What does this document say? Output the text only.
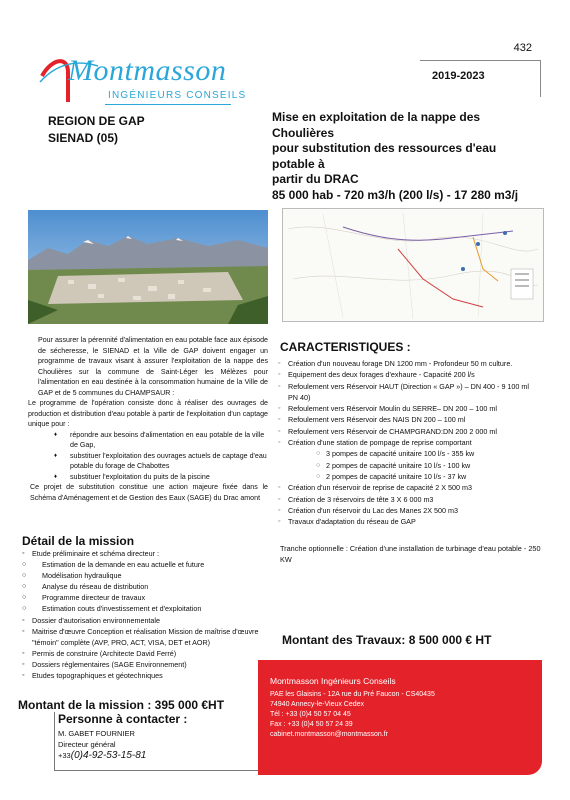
432
Montmasson
INGÉNIEURS CONSEILS
2019-2023
REGION DE GAP
SIENAD (05)
Mise en exploitation de la nappe des Choulières
pour substitution des ressources d'eau potable à
partir du DRAC
85 000 hab - 720 m3/h (200 l/s) - 17 280 m3/j

Pour assurer la pérennité d'alimentation en eau potable face aux épisode de sécheresse, le SIENAD et la Ville de GAP doivent engager un programme de travaux visant à assurer l'exploitation de la nappe des Choulières sur la commune de Saint-Léger les Mélèzes pour l'alimentation en eau destinée à la consommation humaine de la Ville de GAP et de 5 communes du CHAMPSAUR :

Le programme de l'opération consiste donc à réaliser des ouvrages de production et distribution d'eau potable à partir de l'exploitation d'un captage unique pour :

♦ répondre aux besoins d'alimentation en eau potable de la ville de Gap,
♦ substituer l'exploitation des ouvrages actuels de captage d'eau potable du forage de Chabottes
♦ substituer l'exploitation du puits de la piscine

Ce projet de substitution constitue une action majeure fixée dans le Schéma d'Aménagement et de Gestion des Eaux (SAGE) du Drac amont

Détail de la mission
◦ Etude préliminaire et schéma directeur :
○ Estimation de la demande en eau actuelle et future
○ Modélisation hydraulique
○ Analyse du réseau de distribution
○ Programme directeur de travaux
○ Estimation couts d'investissement et d'exploitation
◦ Dossier d'autorisation environnementale
◦ Maitrise d'œuvre Conception et réalisation Mission de maîtrise d'œuvre "témoin" complète (AVP, PRO, ACT, VISA, DET et AOR)
◦ Permis de construire (Architecte David Ferré)
◦ Dossiers réglementaires (SAGE Environnement)
◦ Etudes topographiques et géotechniques
Montant de la mission : 395 000 €HT
Personne à contacter :
M. GABET FOURNIER
Directeur général
+33(0)4-92-53-15-81
CARACTERISTIQUES :
◦ Création d'un nouveau forage DN 1200 mm - Profondeur 50 m culture.
◦ Equipement des deux forages d'exhaure - Capacité 200 l/s
◦ Refoulement vers Réservoir HAUT (Direction « GAP ») – DN 400 - 9 100 ml PN 40)
◦ Refoulement vers Réservoir Moulin du SERRE– DN 200 – 100 ml
◦ Refoulement vers Réservoir des NAIS DN 200 – 100 ml
◦ Refoulement vers Réservoir de CHAMPGRAND:DN 200 2 000 ml
◦ Création d'une station de pompage de reprise comportant
○ 3 pompes de capacité unitaire 100 l/s - 355 kw
○ 2 pompes de capacité unitaire 10 l/s - 100 kw
○ 2 pompes de capacité unitaire 10 l/s - 37 kw
◦ Création d'un réservoir de reprise de capacité 2 X 500 m3
◦ Création de 3 réservoirs de tête 3 X 6 000 m3
◦ Création d'un réservoir du Lac des Manes 2X 500 m3
◦ Travaux d'adaptation du réseau de GAP
Tranche optionnelle : Création d'une installation de turbinage d'eau potable - 250 KW
Montant des Travaux: 8 500 000 € HT
Montmasson Ingénieurs Conseils
PAE les Glaisins - 12A rue du Pré Faucon - CS40435
74940 Annecy-le-Vieux Cedex
Tél : +33 (0)4 50 57 04 45
Fax : +33 (0)4 50 57 24 39
cabinet.montmasson@montmasson.fr
